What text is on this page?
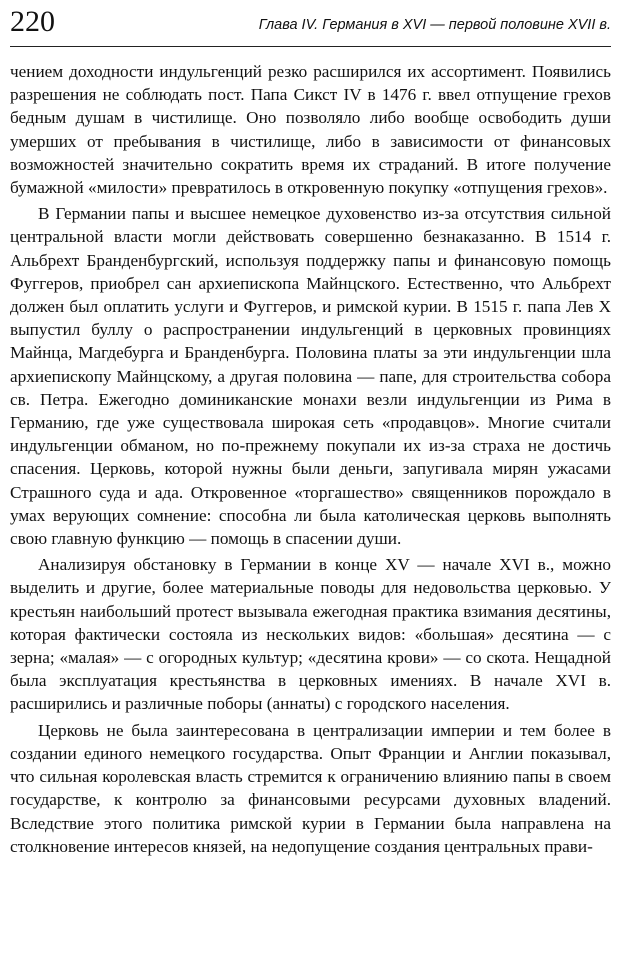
220	Глава IV. Германия в XVI — первой половине XVII в.

чением доходности индульгенций резко расширился их ассортимент. Появились разрешения не соблюдать пост. Папа Сикст IV в 1476 г. ввел отпущение грехов бедным душам в чистилище. Оно позволяло либо вообще освободить души умерших от пребывания в чистилище, либо в зависимости от финансовых возможностей значительно сократить время их страданий. В итоге получение бумажной «милости» превратилось в откровенную покупку «отпущения грехов».

В Германии папы и высшее немецкое духовенство из-за отсутствия сильной центральной власти могли действовать совершенно безнаказанно. В 1514 г. Альбрехт Бранденбургский, используя поддержку папы и финансовую помощь Фуггеров, приобрел сан архиепископа Майнцского. Естественно, что Альбрехт должен был оплатить услуги и Фуггеров, и римской курии. В 1515 г. папа Лев X выпустил буллу о распространении индульгенций в церковных провинциях Майнца, Магдебурга и Бранденбурга. Половина платы за эти индульгенции шла архиепископу Майнцскому, а другая половина — папе, для строительства собора св. Петра. Ежегодно доминиканские монахи везли индульгенции из Рима в Германию, где уже существовала широкая сеть «продавцов». Многие считали индульгенции обманом, но по-прежнему покупали их из-за страха не достичь спасения. Церковь, которой нужны были деньги, запугивала мирян ужасами Страшного суда и ада. Откровенное «торгашество» священников порождало в умах верующих сомнение: способна ли была католическая церковь выполнять свою главную функцию — помощь в спасении души.

Анализируя обстановку в Германии в конце XV — начале XVI в., можно выделить и другие, более материальные поводы для недовольства церковью. У крестьян наибольший протест вызывала ежегодная практика взимания десятины, которая фактически состояла из нескольких видов: «большая» десятина — с зерна; «малая» — с огородных культур; «десятина крови» — со скота. Нещадной была эксплуатация крестьянства в церковных имениях. В начале XVI в. расширились и различные поборы (аннаты) с городского населения.

Церковь не была заинтересована в централизации империи и тем более в создании единого немецкого государства. Опыт Франции и Англии показывал, что сильная королевская власть стремится к ограничению влиянию папы в своем государстве, к контролю за финансовыми ресурсами духовных владений. Вследствие этого политика римской курии в Германии была направлена на столкновение интересов князей, на недопущение создания центральных прави-
